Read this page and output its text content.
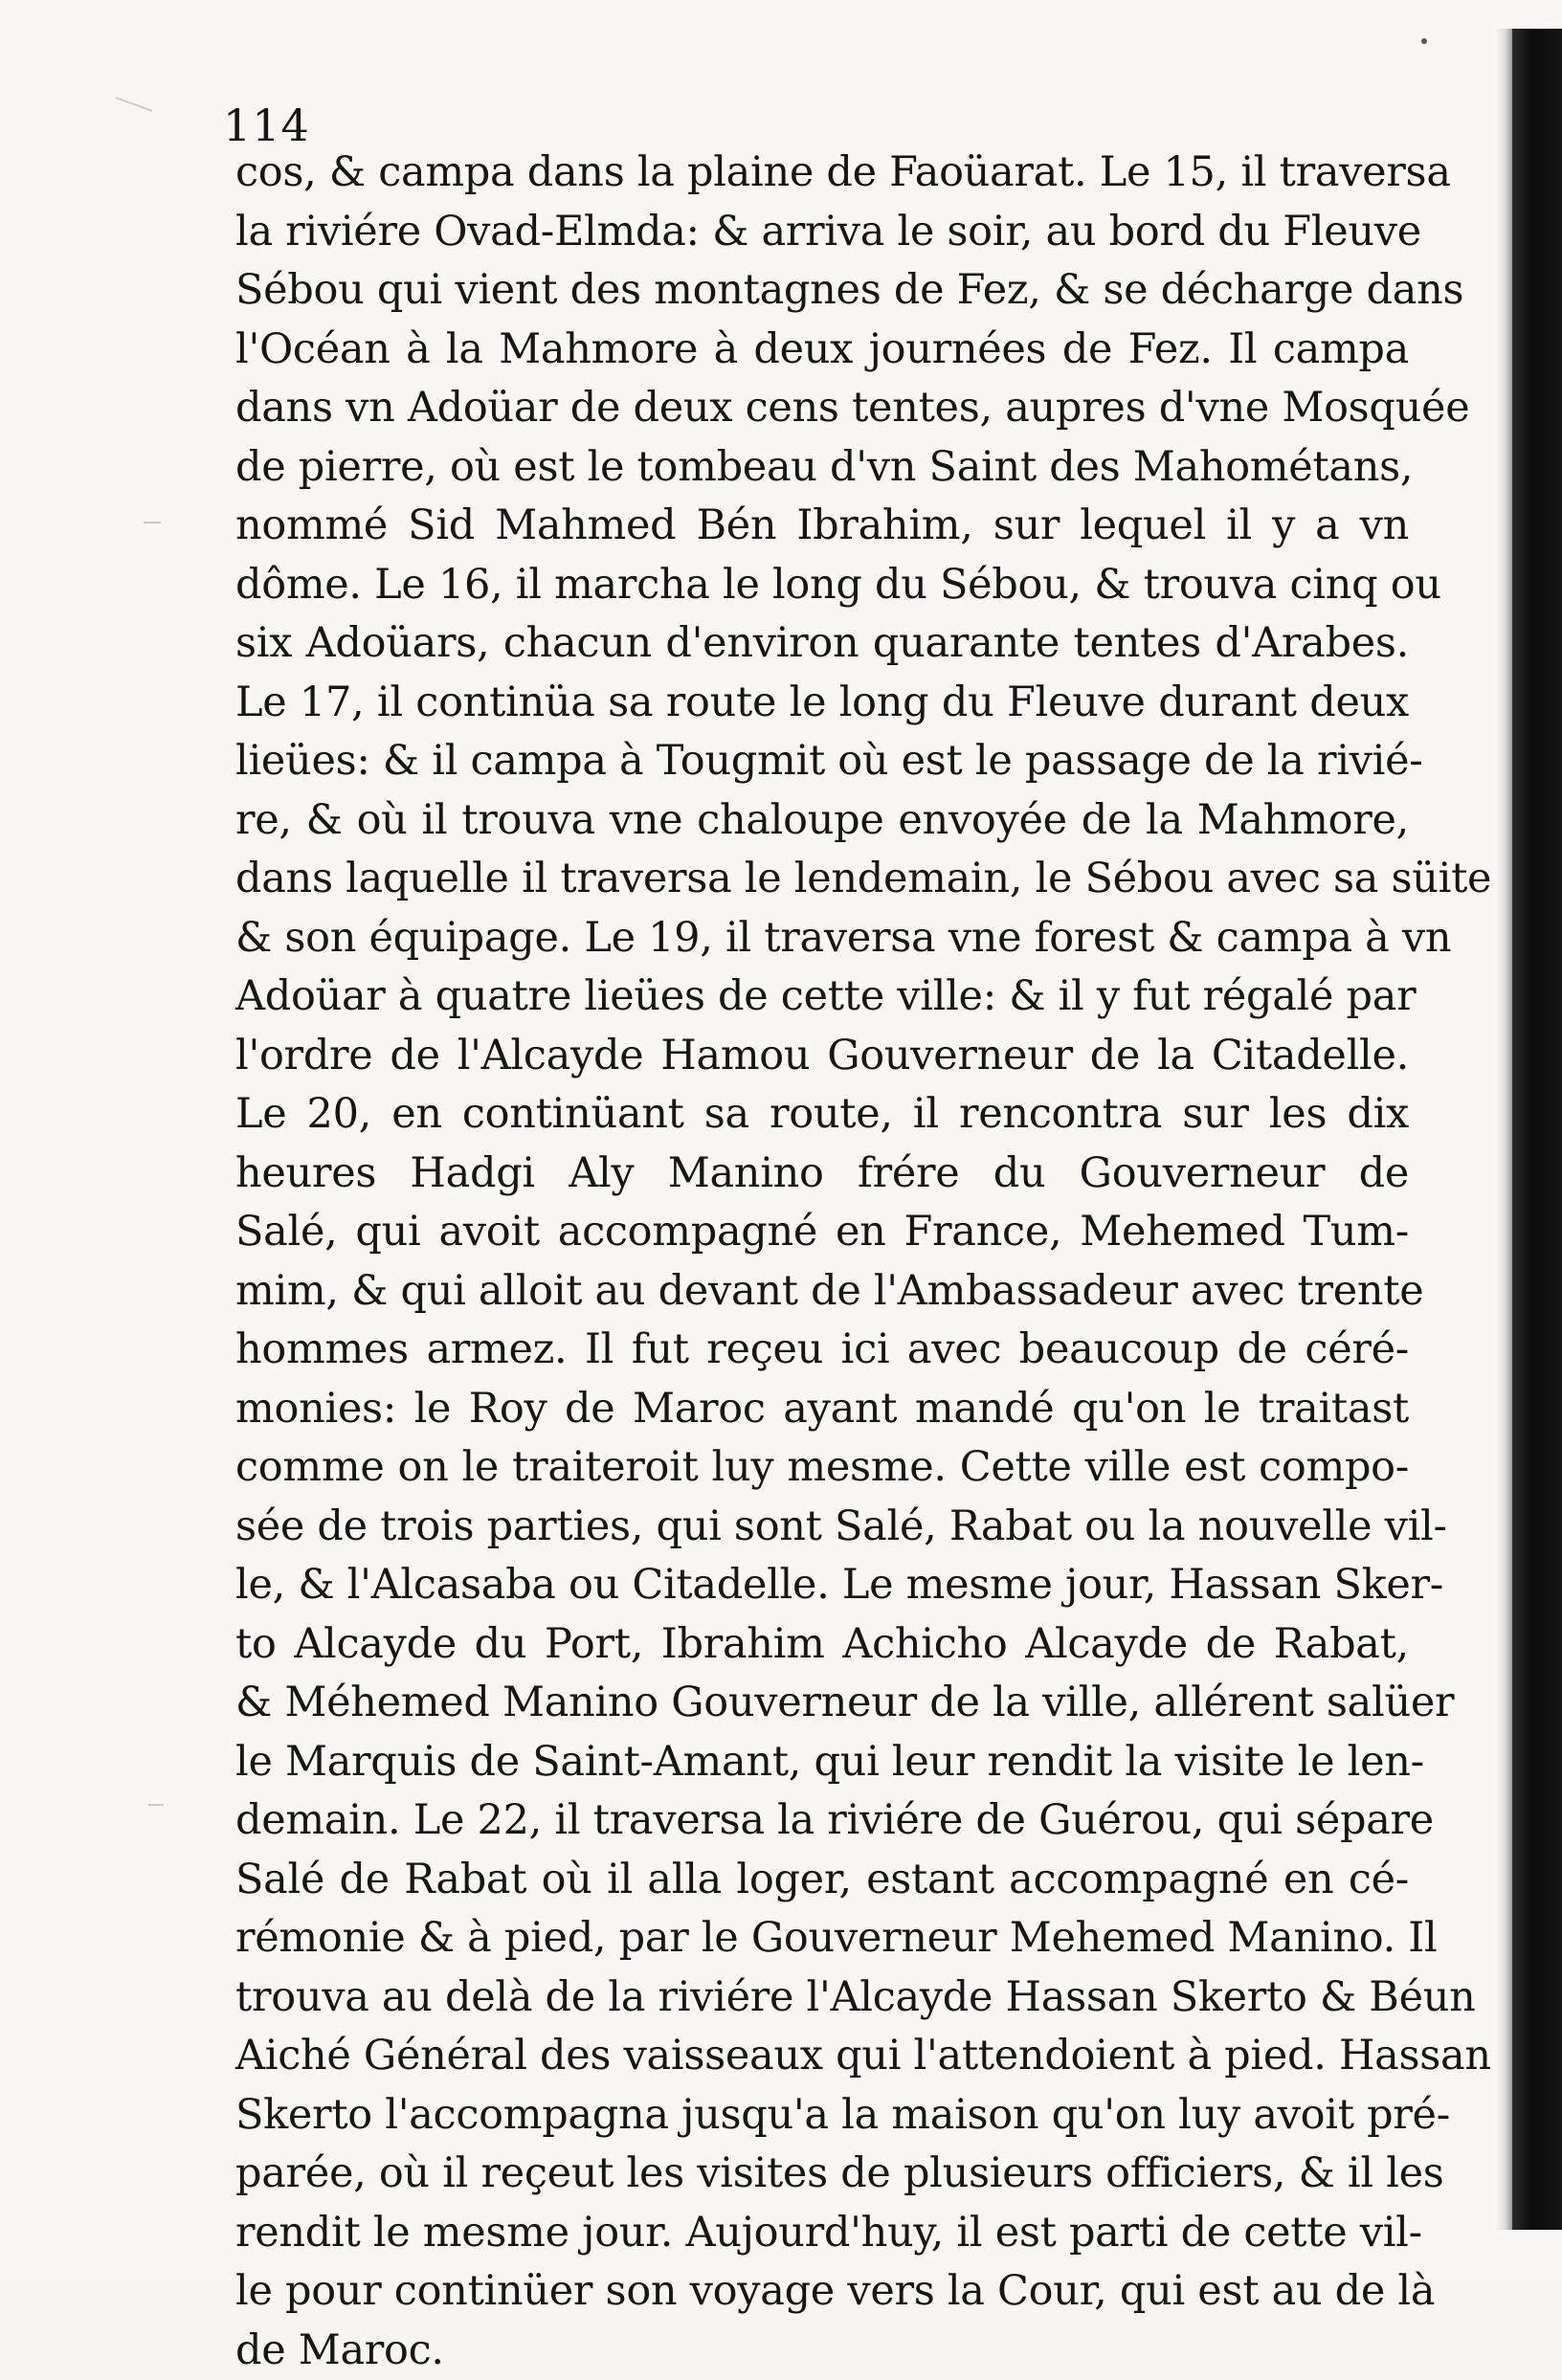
114
cos, & campa dans la plaine de Faoüarat. Le 15, il traversa
la riviére Ovad-Elmda: & arriva le soir, au bord du Fleuve
Sébou qui vient des montagnes de Fez, & se décharge dans
l'Océan à la Mahmore à deux journées de Fez. Il campa
dans vn Adoüar de deux cens tentes, aupres d'vne Mosquée
de pierre, où est le tombeau d'vn Saint des Mahométans,
nommé Sid Mahmed Bén Ibrahim, sur lequel il y a vn
dôme. Le 16, il marcha le long du Sébou, & trouva cinq ou
six Adoüars, chacun d'environ quarante tentes d'Arabes.
Le 17, il continüa sa route le long du Fleuve durant deux
lieües: & il campa à Tougmit où est le passage de la rivié-
re, & où il trouva vne chaloupe envoyée de la Mahmore,
dans laquelle il traversa le lendemain, le Sébou avec sa süite
& son équipage. Le 19, il traversa vne forest & campa à vn
Adoüar à quatre lieües de cette ville: & il y fut régalé par
l'ordre de l'Alcayde Hamou Gouverneur de la Citadelle.
Le 20, en continüant sa route, il rencontra sur les dix
heures Hadgi Aly Manino frére du Gouverneur de
Salé, qui avoit accompagné en France, Mehemed Tum-
mim, & qui alloit au devant de l'Ambassadeur avec trente
hommes armez. Il fut reçeu ici avec beaucoup de céré-
monies: le Roy de Maroc ayant mandé qu'on le traitast
comme on le traiteroit luy mesme. Cette ville est compo-
sée de trois parties, qui sont Salé, Rabat ou la nouvelle vil-
le, & l'Alcasaba ou Citadelle. Le mesme jour, Hassan Sker-
to Alcayde du Port, Ibrahim Achicho Alcayde de Rabat,
& Méhemed Manino Gouverneur de la ville, allérent salüer
le Marquis de Saint-Amant, qui leur rendit la visite le len-
demain. Le 22, il traversa la riviére de Guérou, qui sépare
Salé de Rabat où il alla loger, estant accompagné en cé-
rémonie & à pied, par le Gouverneur Mehemed Manino. Il
trouva au delà de la riviére l'Alcayde Hassan Skerto & Béun
Aiché Général des vaisseaux qui l'attendoient à pied. Hassan
Skerto l'accompagna jusqu'a la maison qu'on luy avoit pré-
parée, où il reçeut les visites de plusieurs officiers, & il les
rendit le mesme jour. Aujourd'huy, il est parti de cette vil-
le pour continüer son voyage vers la Cour, qui est au de là
de Maroc.
